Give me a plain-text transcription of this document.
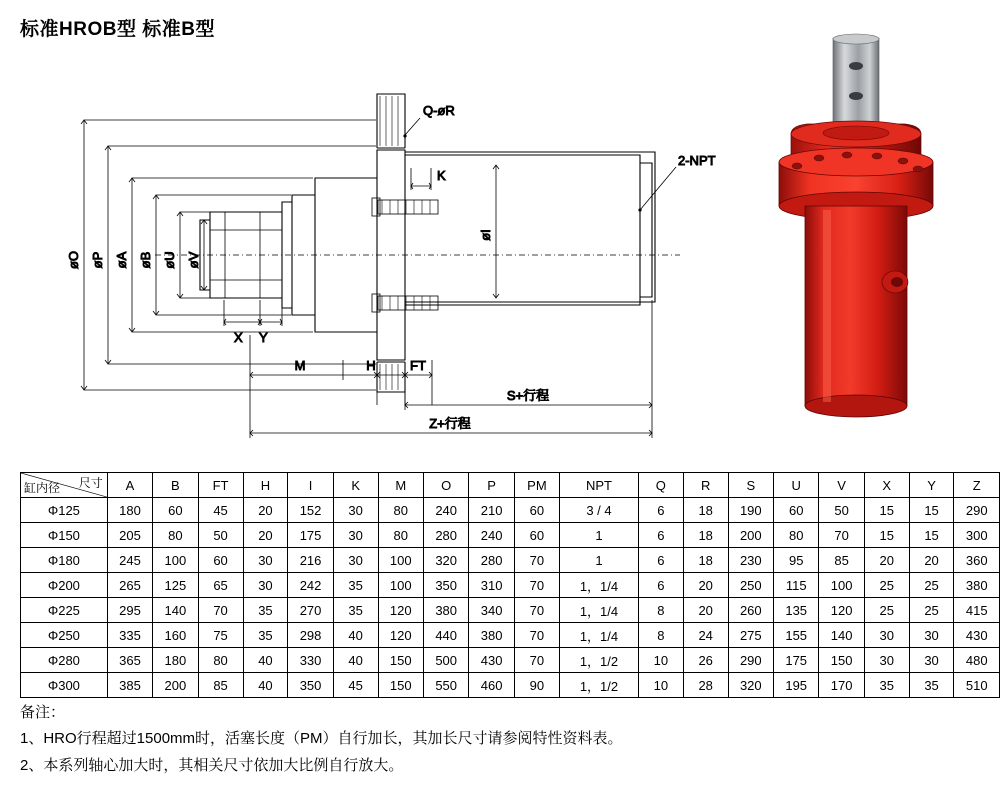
标准HROB型 标准B型
Q-øR
2-NPT
K
øO øP øA øB øU øV
øI
X Y
M	H	FT
S+行程
Z+行程
尺寸
缸内径	A	B	FT	H	I	K	M	O	P	PM	NPT	Q	R	S	U	V	X	Y	Z
Φ125	180	60	45	20	152	30	80	240	210	60	3 / 4	6	18	190	60	50	15	15	290
Φ150	205	80	50	20	175	30	80	280	240	60	1	6	18	200	80	70	15	15	300
Φ180	245	100	60	30	216	30	100	320	280	70	1	6	18	230	95	85	20	20	360
Φ200	265	125	65	30	242	35	100	350	310	70	1，1/4	6	20	250	115	100	25	25	380
Φ225	295	140	70	35	270	35	120	380	340	70	1，1/4	8	20	260	135	120	25	25	415
Φ250	335	160	75	35	298	40	120	440	380	70	1，1/4	8	24	275	155	140	30	30	430
Φ280	365	180	80	40	330	40	150	500	430	70	1，1/2	10	26	290	175	150	30	30	480
Φ300	385	200	85	40	350	45	150	550	460	90	1，1/2	10	28	320	195	170	35	35	510
备注：
1、HRO行程超过1500mm时，活塞长度（PM）自行加长，其加长尺寸请参阅特性资料表。
2、本系列轴心加大时，其相关尺寸依加大比例自行放大。
